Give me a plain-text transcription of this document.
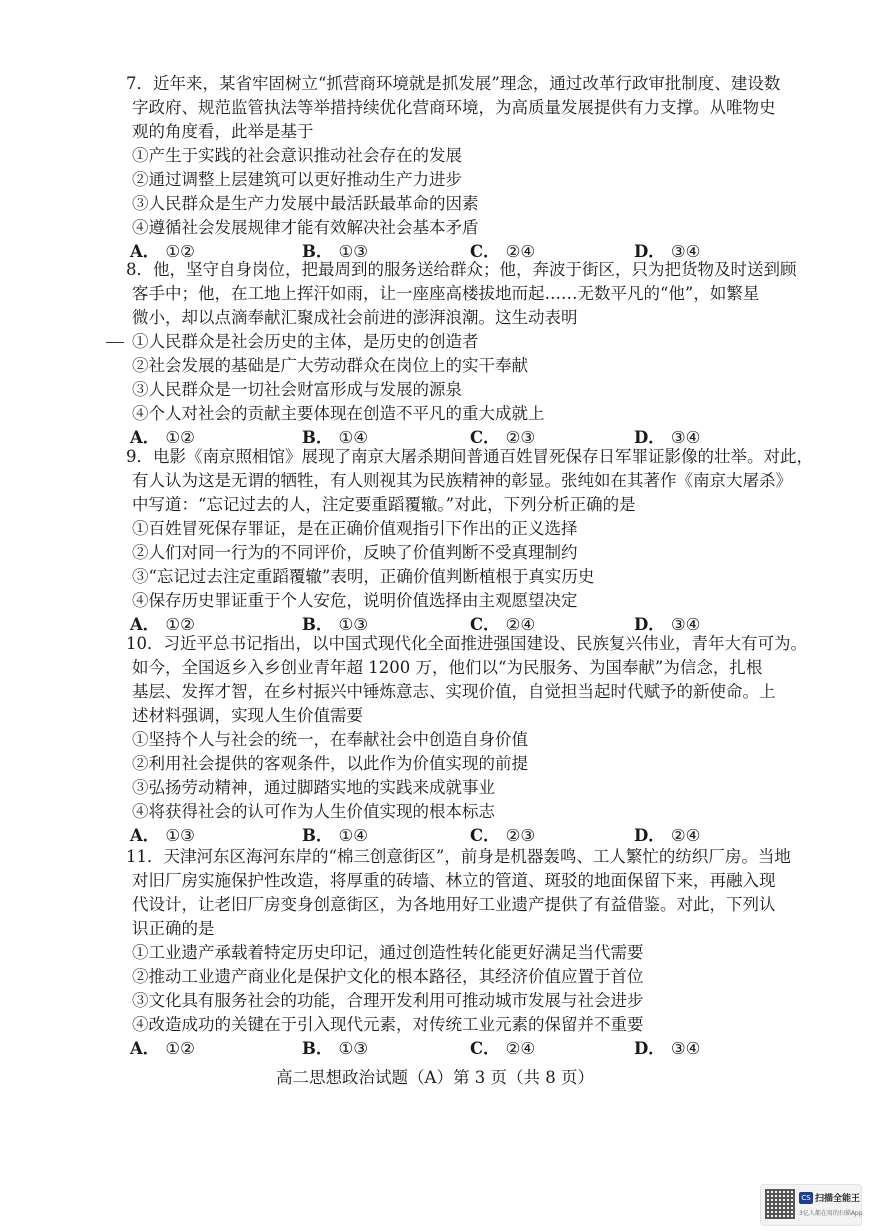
7．近年来，某省牢固树立“抓营商环境就是抓发展”理念，通过改革行政审批制度、建设数
字政府、规范监管执法等举措持续优化营商环境，为高质量发展提供有力支撑。从唯物史
观的角度看，此举是基于
①产生于实践的社会意识推动社会存在的发展
②通过调整上层建筑可以更好推动生产力进步
③人民群众是生产力发展中最活跃最革命的因素
④遵循社会发展规律才能有效解决社会基本矛盾
A． ①②	B． ①③	C． ②④	D． ③④
8．他，坚守自身岗位，把最周到的服务送给群众；他，奔波于街区，只为把货物及时送到顾
客手中；他，在工地上挥汗如雨，让一座座高楼拔地而起……无数平凡的“他”，如繁星
微小，却以点滴奉献汇聚成社会前进的澎湃浪潮。这生动表明
①人民群众是社会历史的主体，是历史的创造者
②社会发展的基础是广大劳动群众在岗位上的实干奉献
③人民群众是一切社会财富形成与发展的源泉
④个人对社会的贡献主要体现在创造不平凡的重大成就上
A． ①②	B． ①④	C． ②③	D． ③④
9．电影《南京照相馆》展现了南京大屠杀期间普通百姓冒死保存日军罪证影像的壮举。对此，
有人认为这是无谓的牺牲，有人则视其为民族精神的彰显。张纯如在其著作《南京大屠杀》
中写道：“忘记过去的人，注定要重蹈覆辙。”对此，下列分析正确的是
①百姓冒死保存罪证，是在正确价值观指引下作出的正义选择
②人们对同一行为的不同评价，反映了价值判断不受真理制约
③“忘记过去注定重蹈覆辙”表明，正确价值判断植根于真实历史
④保存历史罪证重于个人安危，说明价值选择由主观愿望决定
A． ①②	B． ①③	C． ②④	D． ③④
10．习近平总书记指出，以中国式现代化全面推进强国建设、民族复兴伟业，青年大有可为。
如今，全国返乡入乡创业青年超 1200 万，他们以“为民服务、为国奉献”为信念，扎根
基层、发挥才智，在乡村振兴中锤炼意志、实现价值，自觉担当起时代赋予的新使命。上
述材料强调，实现人生价值需要
①坚持个人与社会的统一，在奉献社会中创造自身价值
②利用社会提供的客观条件，以此作为价值实现的前提
③弘扬劳动精神，通过脚踏实地的实践来成就事业
④将获得社会的认可作为人生价值实现的根本标志
A． ①③	B． ①④	C． ②③	D． ②④
11．天津河东区海河东岸的“棉三创意街区”，前身是机器轰鸣、工人繁忙的纺织厂房。当地
对旧厂房实施保护性改造，将厚重的砖墙、林立的管道、斑驳的地面保留下来，再融入现
代设计，让老旧厂房变身创意街区，为各地用好工业遗产提供了有益借鉴。对此，下列认
识正确的是
①工业遗产承载着特定历史印记，通过创造性转化能更好满足当代需要
②推动工业遗产商业化是保护文化的根本路径，其经济价值应置于首位
③文化具有服务社会的功能，合理开发利用可推动城市发展与社会进步
④改造成功的关键在于引入现代元素，对传统工业元素的保留并不重要
A． ①②	B． ①③	C． ②④	D． ③④
高二思想政治试题（A）第 3 页（共 8 页）
CS 扫描全能王
3亿人都在用的扫描App
